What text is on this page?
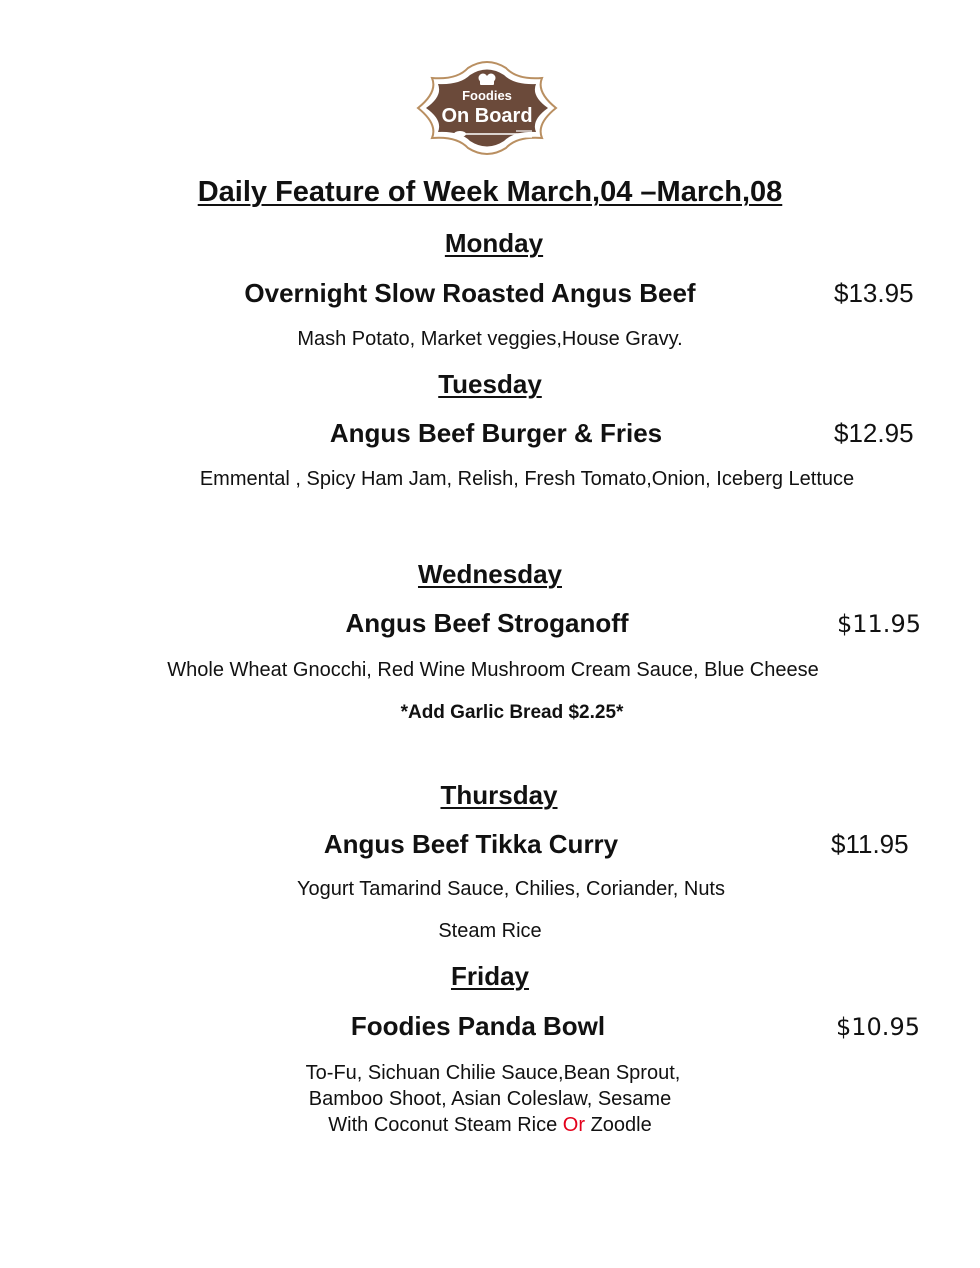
Foodies
On Board
Daily Feature of Week March,04 –March,08
Monday
Overnight Slow Roasted Angus Beef	$13.95
Mash Potato, Market veggies,House Gravy.
Tuesday
Angus Beef Burger & Fries	$12.95
Emmental , Spicy Ham Jam, Relish, Fresh Tomato,Onion, Iceberg Lettuce
Wednesday
Angus Beef Stroganoff	$11.95
Whole Wheat Gnocchi, Red Wine Mushroom Cream Sauce, Blue Cheese
*Add Garlic Bread $2.25*
Thursday
Angus Beef Tikka Curry	$11.95
Yogurt Tamarind Sauce, Chilies, Coriander, Nuts
Steam Rice
Friday
Foodies Panda Bowl	$10.95
To-Fu, Sichuan Chilie Sauce,Bean Sprout,
Bamboo Shoot, Asian Coleslaw, Sesame
With Coconut Steam Rice Or Zoodle
